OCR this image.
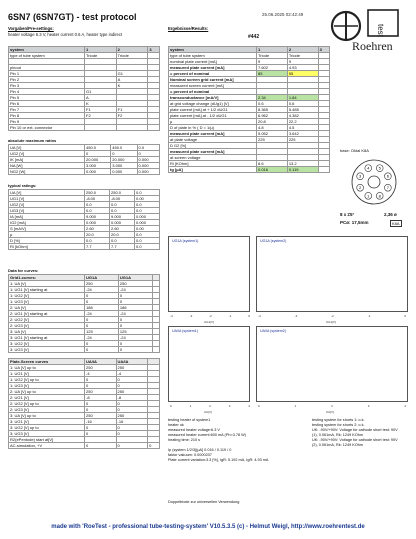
6SN7 (6SN7GT) - test protocol	25.06.2025 02:42:49
Vorgaben/Pre-settings:
heater voltage 6.3 V, heater current 0.6 A, heater type indirect
Ergebnisse/Results:
#442
test
Roehren
system	1	2	3
type of tube system	Triode	Triode	

pinout			
Pin 1		G1	
Pin 2		A	
Pin 3		K	
Pin 4	G1		
Pin 5	A		
Pin 6	K		
Pin 7	F1	F1	
Pin 8	F2	F2	
Pin 9			
Pin 10 or ext. connector			
absolute maximum ratins
UA [V]	450.0	450.0	0.0
UG2 [V]	0	0	0
IK [mA]	20.000	20.000	0.000
NA [W]	3.000	3.000	0.000
NG2 [W]	0.000	0.000	0.000
typical ratings:
UA [V]	250.0	250.0	0.0
UG1 [V]	-8.00	-8.00	0.00
UG2 [V]	0.0	0.0	0.0
UG3 [V]	0.0	0.0	0.0
IA [mA]	9.000	9.000	0.000
IG2 [mA]	0.000	0.000	0.000
S [mA/V]	2.60	2.60	0.00
µ	20.0	20.0	0.0
D [%]	0.0	0.0	0.0
Ri [kOhm]	7.7	7.7	0.0
Data for curves:
Grid1-curves:	UG1A	UG1A	
1: UA [V]	250	250	
1: UG1 [V] starting at	-24	-24	
1: UG2 [V]	0	0	
1: UG3 [V]	0	0	
2: UA [V]	186	186	
2: UG1 [V] starting at	-24	-24	
2: UG2 [V]	0	0	
2: UG3 [V]	0	0	
3: UA [V]	125	125	
3: UG1 [V] starting at	-24	-24	
3: UG2 [V]	0	0	
3: UG3 [V]	0	0	
Plate-Screen curves	UA/IA	UA/IA	
1: UA [V] up to	250	250	
1: UG1 [V]	-4	-4	
1: UG2 [V] up to	0	0	
1: UG3 [V]	0	0	
2: UA [V] up to	250	250	
2: UG1 [V]	-8	-8	
2: UG2 [V] up to	0	0	
2: UG3 [V]	0	0	
3: UA [V] up to	250	250	
3: UG1 [V]	-16	-16	
3: UG2 [V] up to	0	0	
3: UG3 [V]	0	0	
R2(ePentode) start at[V]			
AC-simulation, +V	0	0	0
system	1	2	3
type of tube system	Triode	Triode	
nominal plate current [mA]	9	9	
measured plate current [mA]	7.602	4.93	
= percent of nominal	85	55	
Nominal screen grid current [mA]			
measured screen current [mA]			
= percent of nominal			
transconductance [mA/V]	2.34	1.84	
at grid voltage change (dUg1) [V]	0.6	0.6	
plate current [mA] at + 1/2 dUG1	8.365	5.485	
plate current [mA] at - 1/2 dUG1	6.962	4.382	
µ	20.8	22.2	
D of plate in % ( D = 1/µ)	4.8	4.5	
measured plate current [mA]	5.052	3.642	
at plate voltage	225	225	
D G2 [%]			
measured plate current [mA]			
at screen voltage			
Ri [KOhm]	8.6	13.2	
tg [µA]	0.016	0.119	
base: Oktal K8A
1
2
3
4 5
6
7
8
8 x ≠5°	2,36 ø
PCø: 17,5mm	K8A
UG1A (system1)
-4	-3	-2	-1	0
UG1[V]
UG1A (system2)
-4	-3	-2	-1	0
UG1[V]
UA/IA (system1)
0	1	2	3	4
UA[V]
UA/IA (system2)
0	1	2	3	4
UA[V]
testing heater of system1
heater ok
measured heater voltage:6.3 V
measured heater current:600 mA (Ph=3.78 W)
heating time: 210 s
Ip (system 1/2/3)[µA] 0.016 / 0.119 / 0
faktor vakuum: 0.0000237
Plate current variation:3.3 [%], IgR: 5.192 mA, IgR: 4.93 mA
testing system for shorts 1: o.k.
testing system for shorts 2: o.k.
UK: -90V/+90V: Voltage for cathode short test: 90V
(1), 0.061mA, Rk: 1249 KOhm
UK: -90V/+90V: Voltage for cathode short test: 90V
(2), 0.061mA, Rk: 1249 KOhm
Doppeltriode zur universellen Verwendung
made with 'RoeTest - professional tube-testing-system' V10.5.3.5 (c) - Helmut Weigl, http://www.roehrentest.de
